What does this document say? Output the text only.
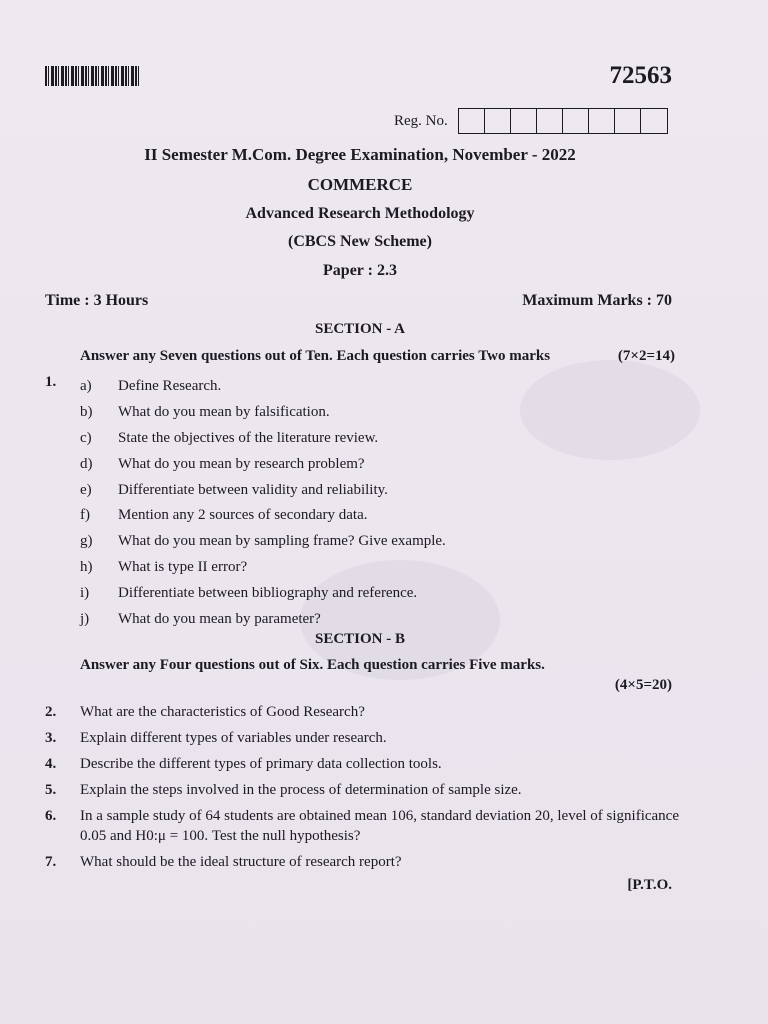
72563
Reg. No.
II Semester M.Com. Degree Examination, November - 2022
COMMERCE
Advanced Research Methodology
(CBCS New Scheme)
Paper : 2.3
Time : 3 Hours	Maximum Marks : 70
SECTION - A
Answer any Seven questions out of Ten. Each question carries Two marks	(7×2=14)
1. a)	Define Research.
b)	What do you mean by falsification.
c)	State the objectives of the literature review.
d)	What do you mean by research problem?
e)	Differentiate between validity and reliability.
f)	Mention any 2 sources of secondary data.
g)	What do you mean by sampling frame? Give example.
h)	What is type II error?
i)	Differentiate between bibliography and reference.
j)	What do you mean by parameter?
SECTION - B
Answer any Four questions out of Six. Each question carries Five marks.
(4×5=20)
2.	What are the characteristics of Good Research?
3.	Explain different types of variables under research.
4.	Describe the different types of primary data collection tools.
5.	Explain the steps involved in the process of determination of sample size.
6.	In a sample study of 64 students are obtained mean 106, standard deviation 20, level of significance 0.05 and H0:μ = 100. Test the null hypothesis?
7.	What should be the ideal structure of research report?
[P.T.O.
